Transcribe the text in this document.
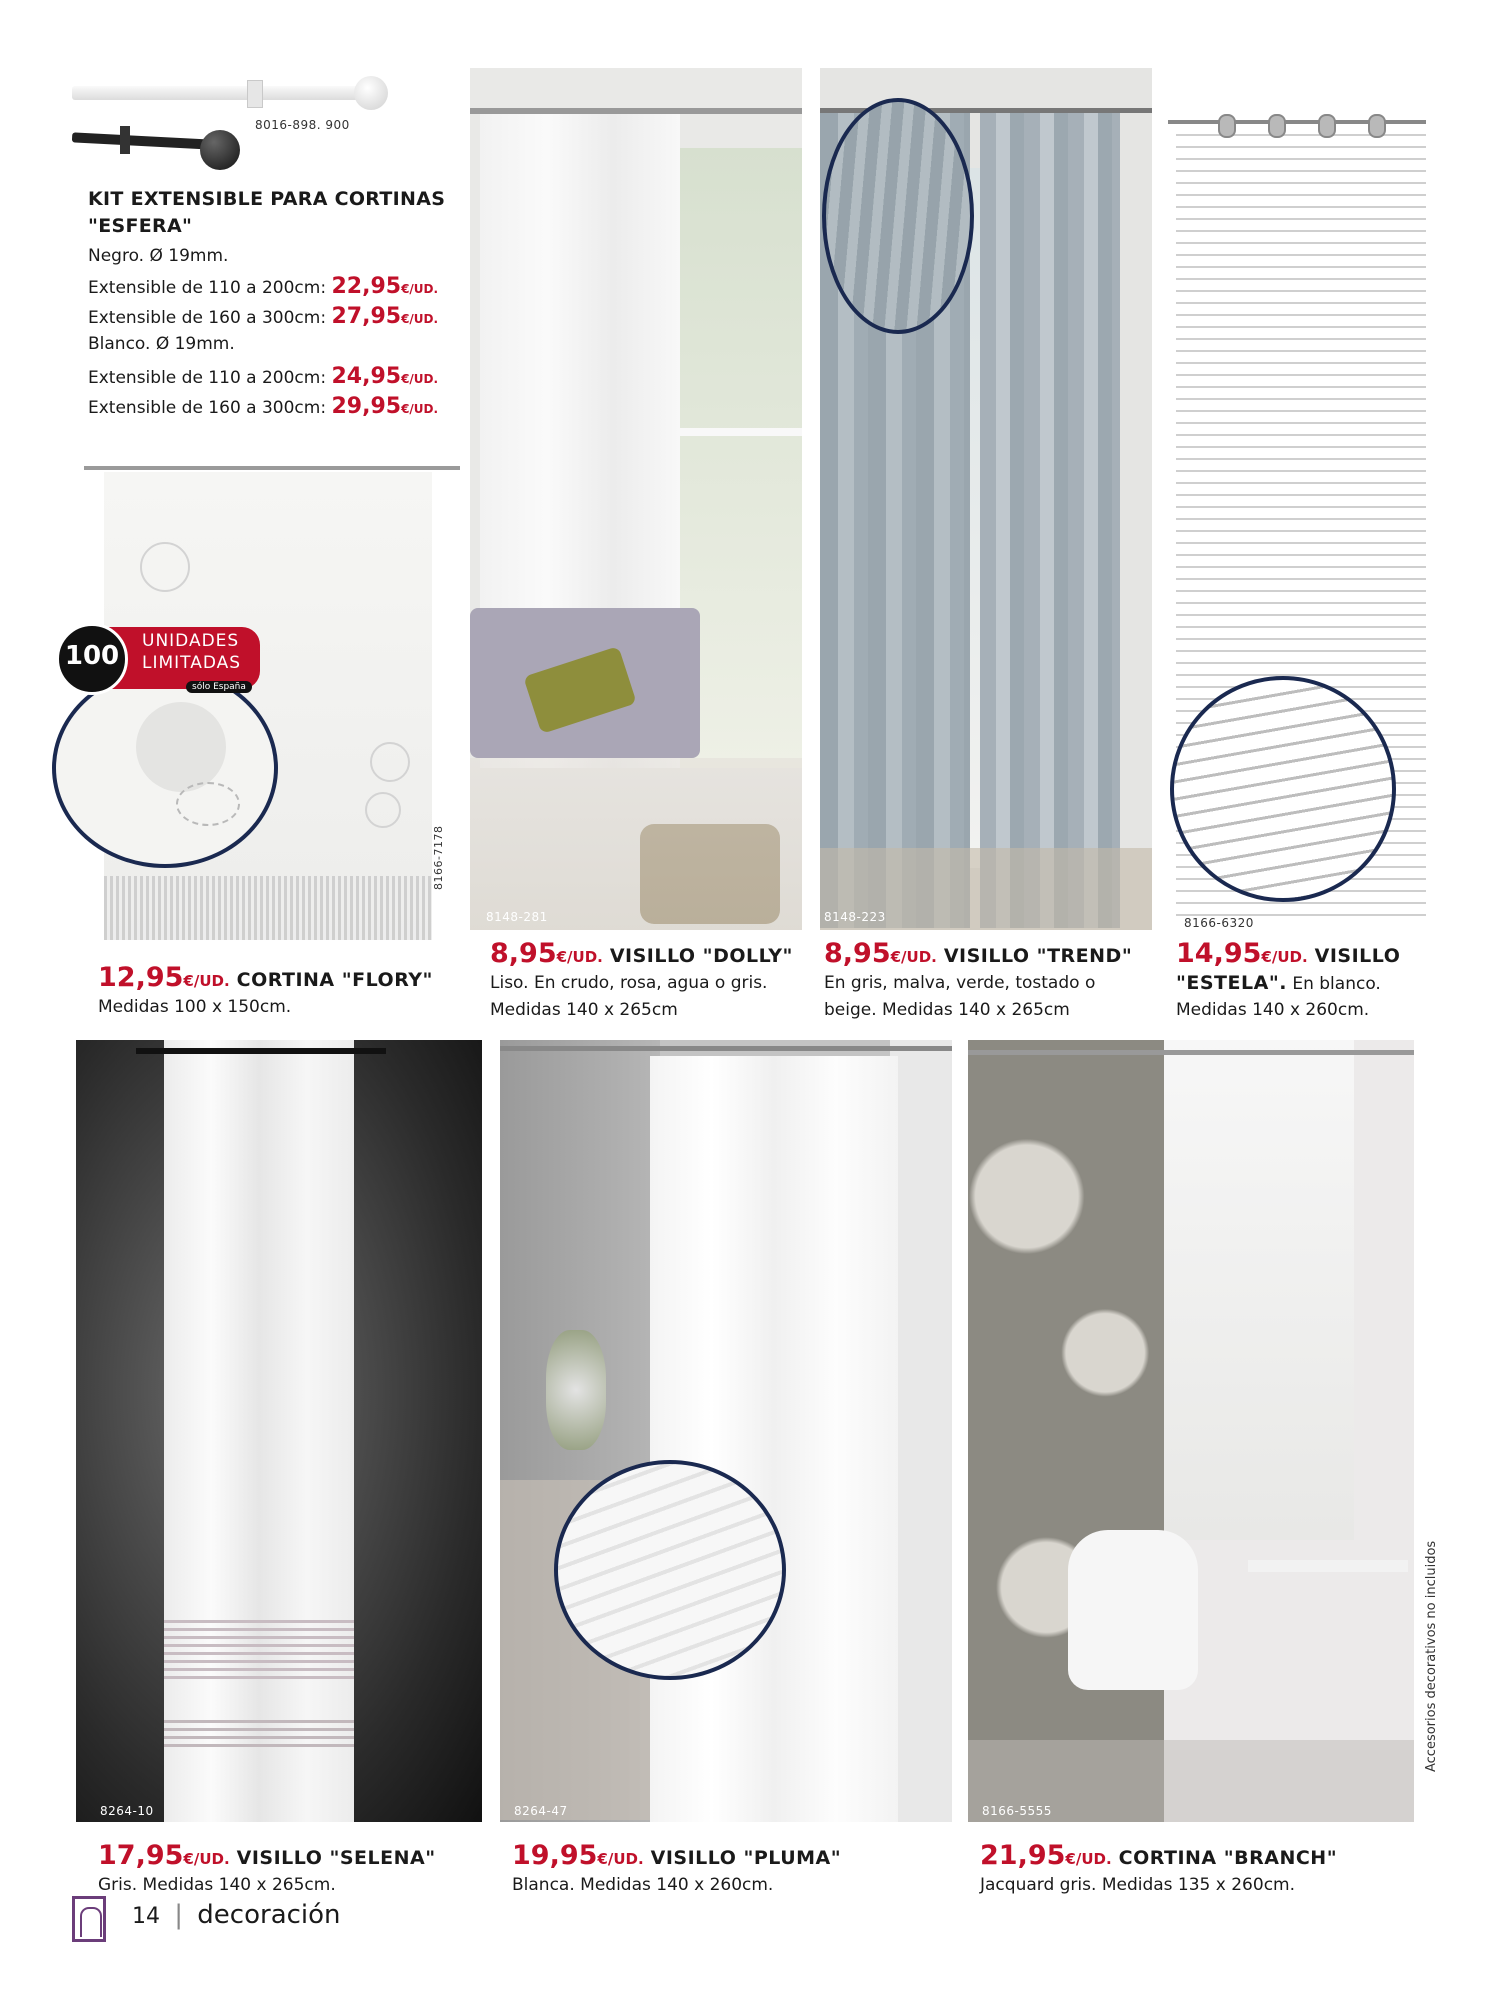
8016-898. 900
KIT EXTENSIBLE PARA CORTINAS
"ESFERA"
Negro. Ø 19mm.
Extensible de 110 a 200cm: 22,95€/UD.
Extensible de 160 a 300cm: 27,95€/UD.
Blanco. Ø 19mm.
Extensible de 110 a 200cm: 24,95€/UD.
Extensible de 160 a 300cm: 29,95€/UD.
100	UNIDADES
LIMITADAS
sólo España
8166-7178
12,95€/UD. CORTINA "FLORY"
Medidas 100 x 150cm.
8148-281
8,95€/UD. VISILLO "DOLLY"
Liso. En crudo, rosa, agua o gris.
Medidas 140 x 265cm
8148-223
8,95€/UD. VISILLO "TREND"
En gris, malva, verde, tostado o
beige. Medidas 140 x 265cm
8166-6320
14,95€/UD. VISILLO
"ESTELA". En blanco.
Medidas 140 x 260cm.
8264-10
17,95€/UD. VISILLO "SELENA"
Gris. Medidas 140 x 265cm.
8264-47
19,95€/UD. VISILLO "PLUMA"
Blanca. Medidas 140 x 260cm.
8166-5555
21,95€/UD. CORTINA "BRANCH"
Jacquard gris. Medidas 135 x 260cm.
Accesorios decorativos no incluidos
14 | decoración
